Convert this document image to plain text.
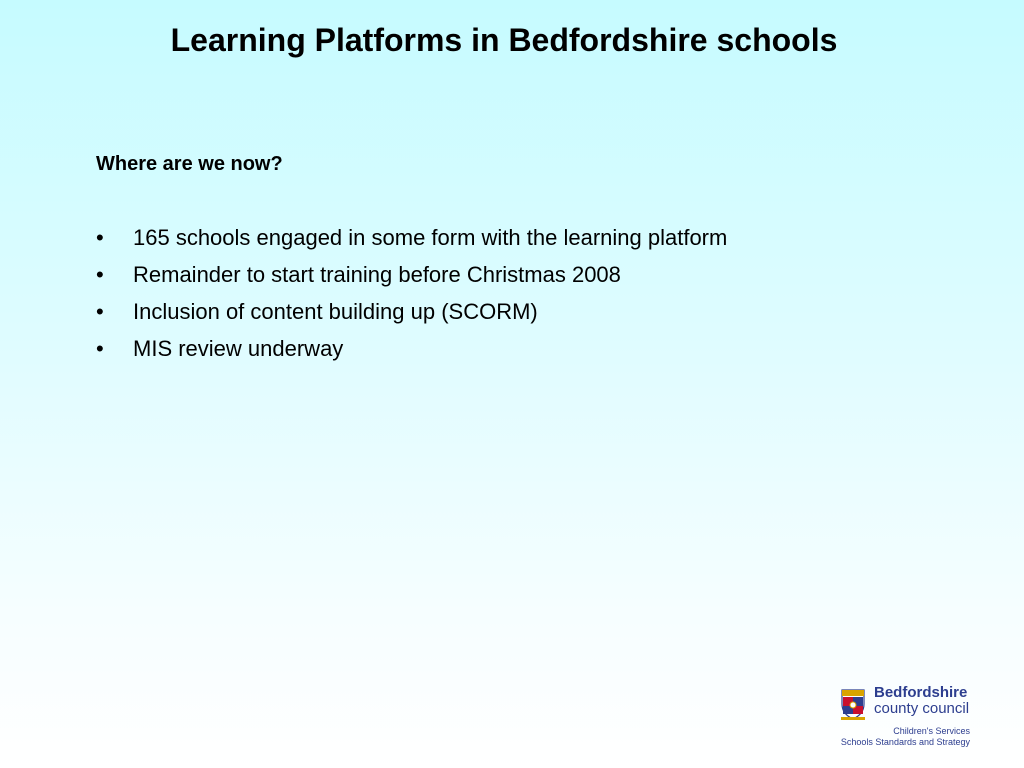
Learning Platforms in Bedfordshire schools
Where are we now?
•	165 schools engaged in some form with the learning platform
•	Remainder to start training before Christmas 2008
•	Inclusion of content building up (SCORM)
•	MIS review underway
Bedfordshire
county council
Children's Services
Schools Standards and Strategy
